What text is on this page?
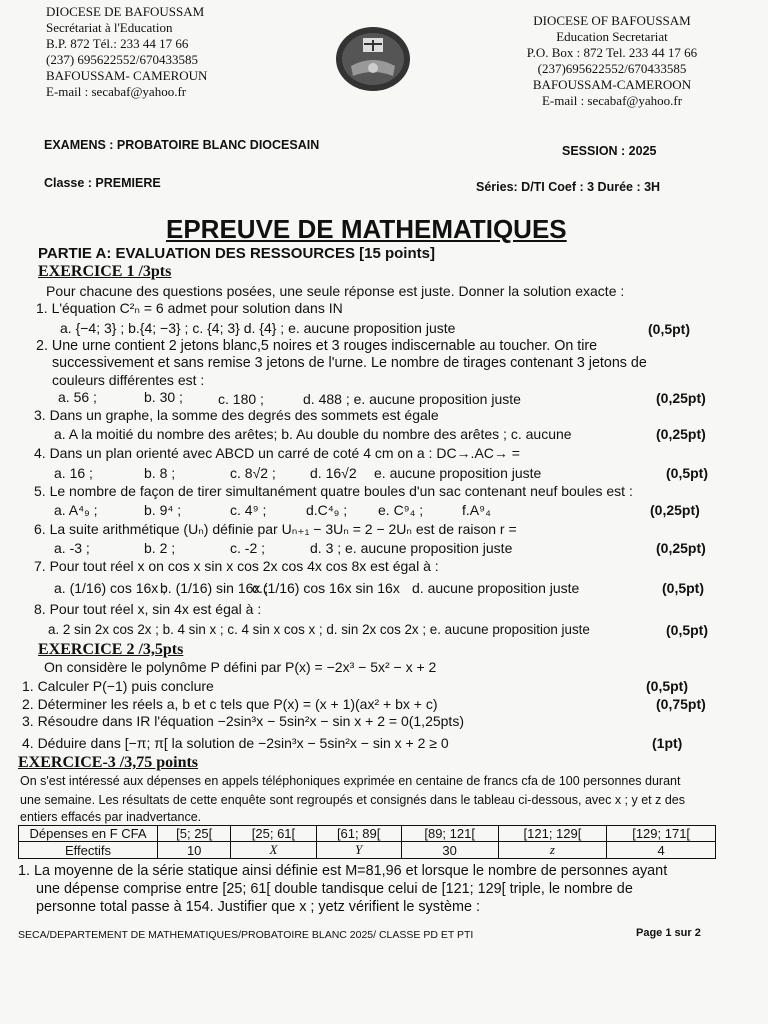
DIOCESE DE BAFOUSSAM
Secrétariat à l'Education
B.P. 872 Tél.: 233 44 17 66
(237) 695622552/670433585
BAFOUSSAM- CAMEROUN
E-mail : secabaf@yahoo.fr
DIOCESE OF BAFOUSSAM
Education Secretariat
P.O. Box : 872 Tel. 233 44 17 66
(237)695622552/670433585
BAFOUSSAM-CAMEROON
E-mail : secabaf@yahoo.fr
EXAMENS : PROBATOIRE BLANC DIOCESAIN	SESSION : 2025
Classe : PREMIERE	Séries: D/TI Coef : 3 Durée : 3H
EPREUVE DE MATHEMATIQUES
PARTIE A: EVALUATION DES RESSOURCES [15 points]
EXERCICE 1 /3pts
Pour chacune des questions posées, une seule réponse est juste. Donner la solution exacte :
1. L'équation C²ₙ = 6 admet pour solution dans IN
a. {−4; 3} ; b.{4; −3} ; c. {4; 3} d. {4} ; e. aucune proposition juste	(0,5pt)
2. Une urne contient 2 jetons blanc,5 noires et 3 rouges indiscernable au toucher. On tire
successivement et sans remise 3 jetons de l'urne. Le nombre de tirages contenant 3 jetons de
couleurs différentes est :
a. 56 ;	b. 30 ;	c. 180 ;	d. 488 ; e. aucune proposition juste	(0,25pt)
3. Dans un graphe, la somme des degrés des sommets est égale
a. A la moitié du nombre des arêtes; b. Au double du nombre des arêtes ; c. aucune	(0,25pt)
4. Dans un plan orienté avec ABCD un carré de coté 4 cm on a : DC→.AC→ =
a. 16 ;	b. 8 ;	c. 8√2 ; d. 16√2 e. aucune proposition juste	(0,5pt)
5. Le nombre de façon de tirer simultanément quatre boules d'un sac contenant neuf boules est :
a. A⁴₉ ;	b. 9⁴ ;	c. 4⁹ ;	d.C⁴₉ ; e. C⁹₄ ;	f.A⁹₄	(0,25pt)
6. La suite arithmétique (Uₙ) définie par Uₙ₊₁ − 3Uₙ = 2 − 2Uₙ est de raison r =
a. -3 ;	b. 2 ;	c. -2 ;	d. 3 ; e. aucune proposition juste	(0,25pt)
7. Pour tout réel x on cos x sin x cos 2x cos 4x cos 8x est égal à :
a. (1/16) cos 16x ;
b. (1/16) sin 16x ;
c.(1/16) cos 16x sin 16x d. aucune proposition juste	(0,5pt)
8. Pour tout réel x, sin 4x est égal à :
a. 2 sin 2x cos 2x ; b. 4 sin x ; c. 4 sin x cos x ; d. sin 2x cos 2x ; e. aucune proposition juste	(0,5pt)
EXERCICE 2 /3,5pts
On considère le polynôme P défini par P(x) = −2x³ − 5x² − x + 2
1. Calculer P(−1) puis conclure	(0,5pt)
2. Déterminer les réels a, b et c tels que P(x) = (x + 1)(ax² + bx + c)	(0,75pt)
3. Résoudre dans IR l'équation −2sin³x − 5sin²x − sin x + 2 = 0(1,25pts)
4. Déduire dans [−π; π[ la solution de −2sin³x − 5sin²x − sin x + 2 ≥ 0	(1pt)
EXERCICE-3 /3,75 points
On s'est intéressé aux dépenses en appels téléphoniques exprimée en centaine de francs cfa de 100 personnes durant
une semaine. Les résultats de cette enquête sont regroupés et consignés dans le tableau ci-dessous, avec x ; y et z des
entiers effacés par inadvertance.
Dépenses en F CFA	[5; 25[	[25; 61[	[61; 89[	[89; 121[	[121; 129[	[129; 171[
Effectifs	10	X	Y	30	z	4
1. La moyenne de la série statique ainsi définie est M=81,96 et lorsque le nombre de personnes ayant
une dépense comprise entre [25; 61[ double tandisque celui de [121; 129[ triple, le nombre de
personne total passe à 154. Justifier que x ; yetz vérifient le système :
SECA/DEPARTEMENT DE MATHEMATIQUES/PROBATOIRE BLANC 2025/ CLASSE PD ET PTI	Page 1 sur 2
